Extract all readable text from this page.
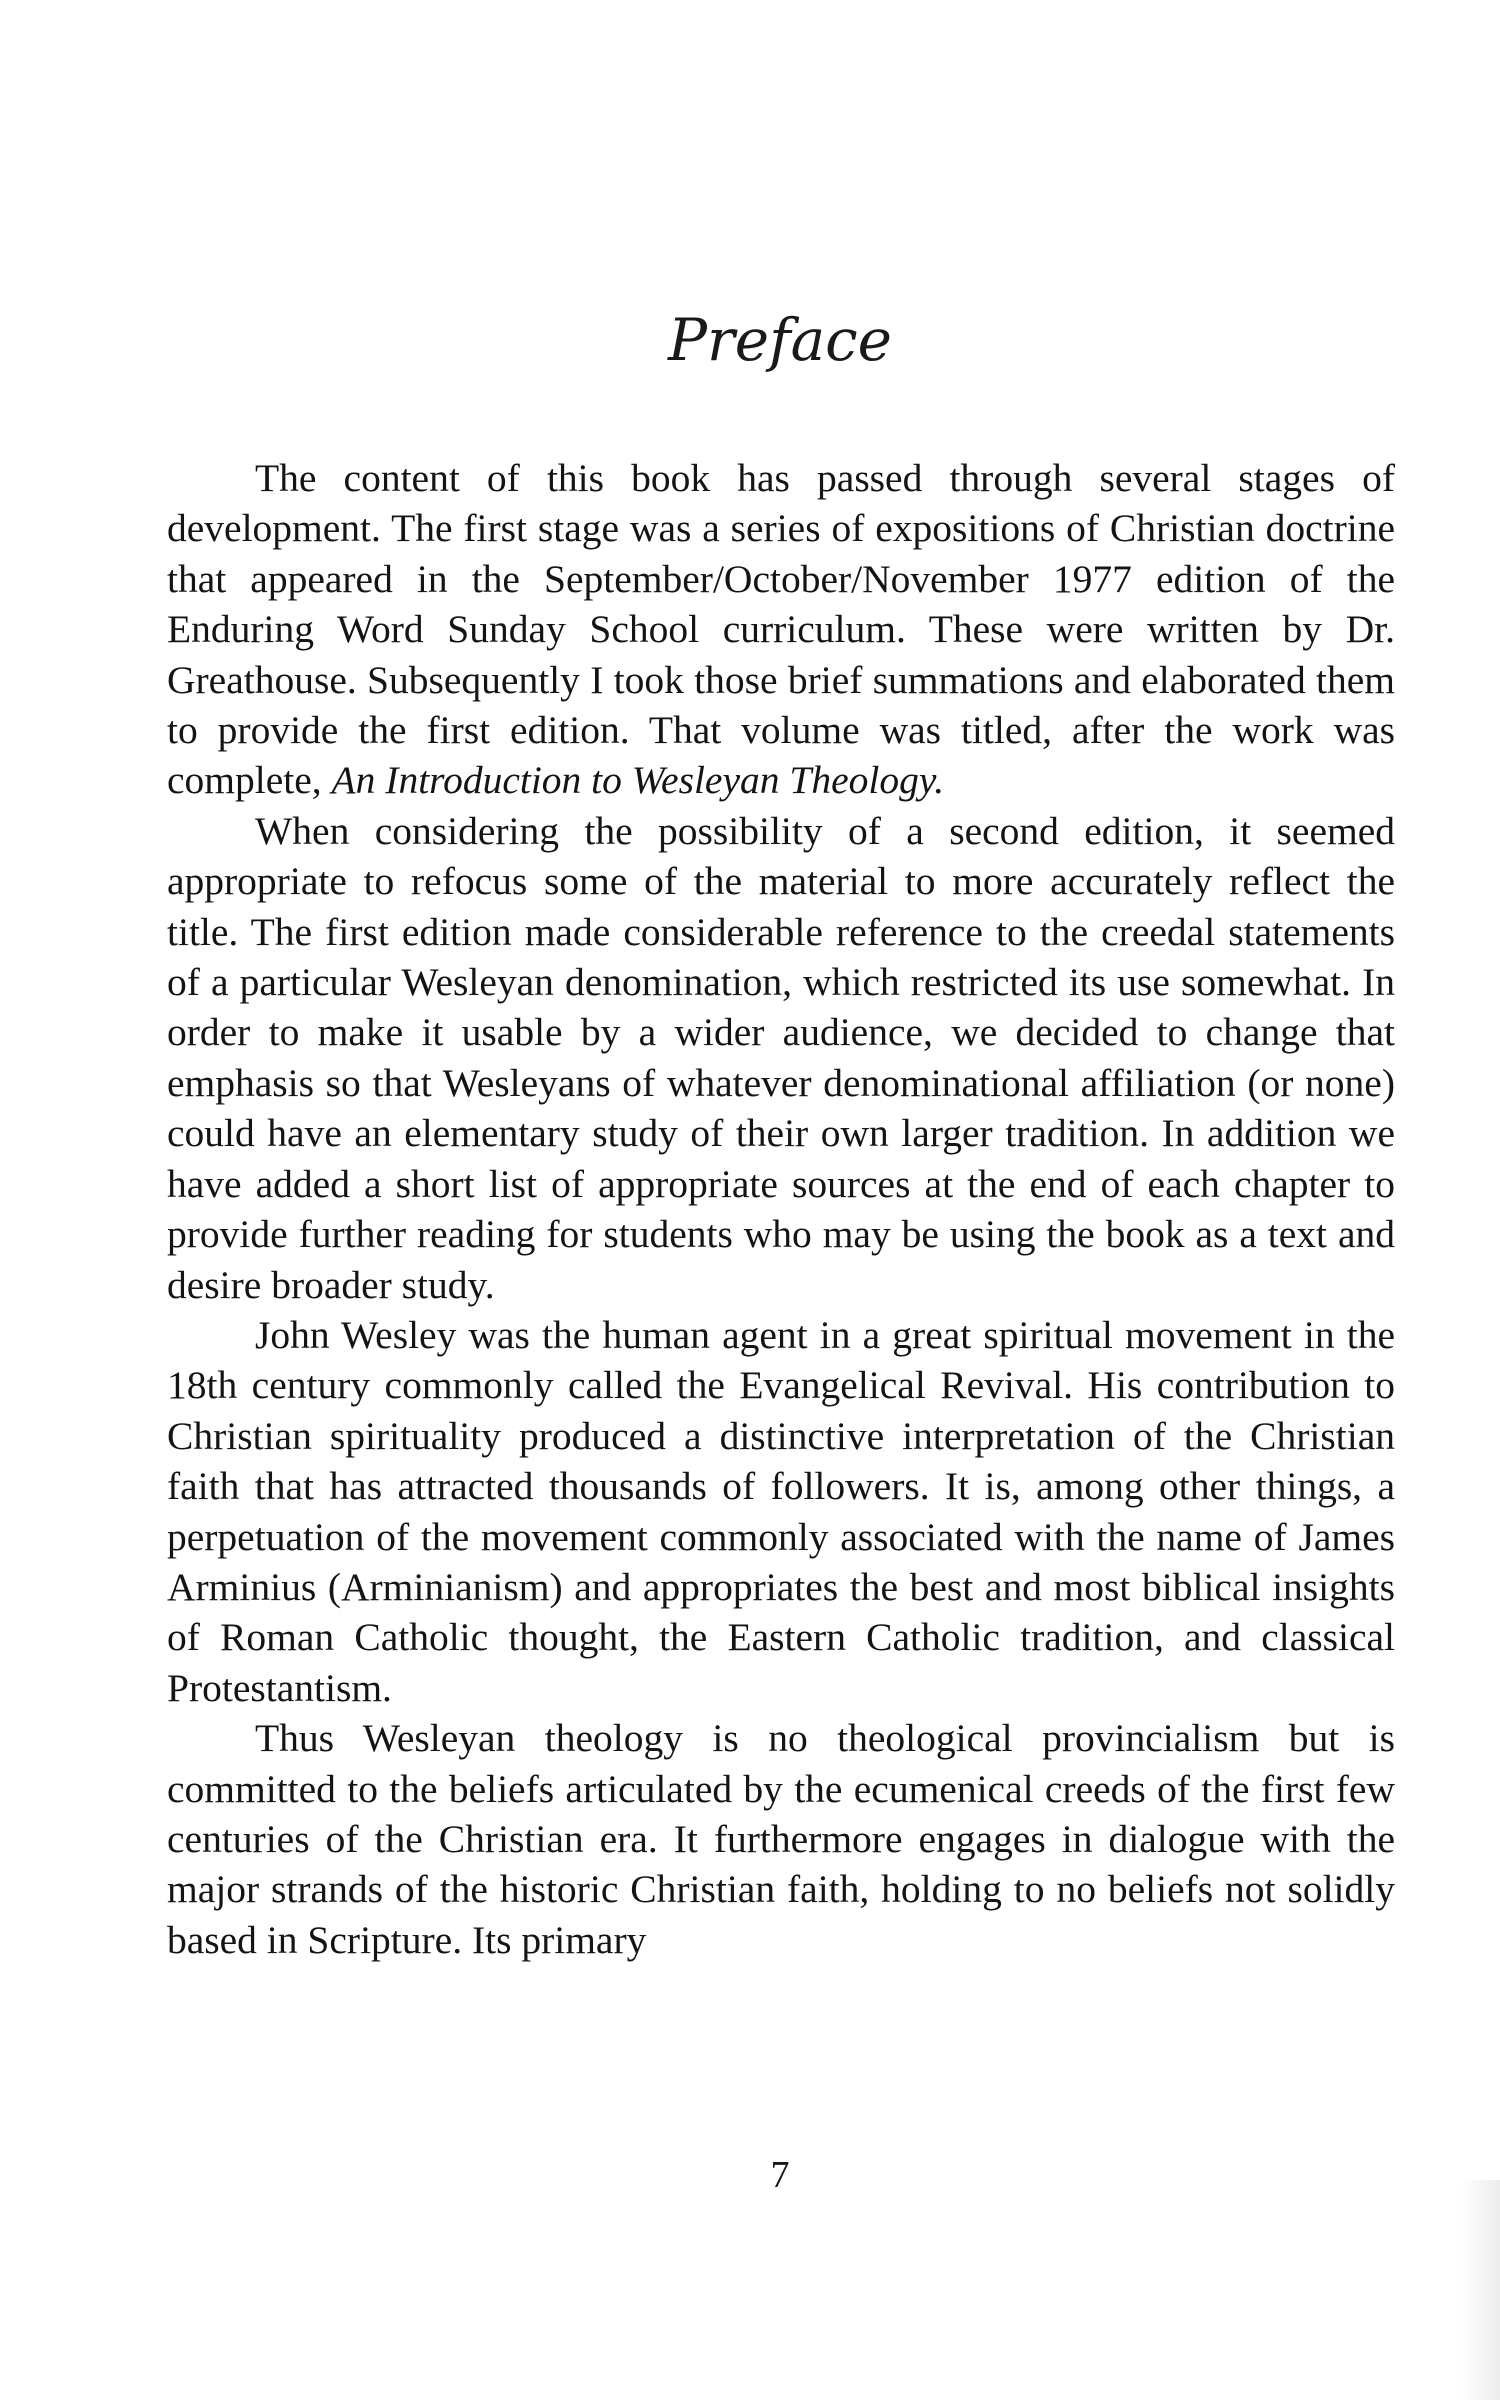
Preface

The content of this book has passed through several stages of development. The first stage was a series of expositions of Christian doctrine that appeared in the September/October/November 1977 edition of the Enduring Word Sunday School curriculum. These were written by Dr. Greathouse. Subsequently I took those brief summations and elaborated them to provide the first edition. That volume was titled, after the work was complete, An Introduction to Wesleyan Theology.

When considering the possibility of a second edition, it seemed appropriate to refocus some of the material to more accurately reflect the title. The first edition made considerable reference to the creedal statements of a particular Wesleyan denomination, which restricted its use somewhat. In order to make it usable by a wider audience, we decided to change that emphasis so that Wesleyans of whatever denominational affiliation (or none) could have an elementary study of their own larger tradition. In addition we have added a short list of appropriate sources at the end of each chapter to provide further reading for students who may be using the book as a text and desire broader study.

John Wesley was the human agent in a great spiritual movement in the 18th century commonly called the Evangelical Revival. His contribution to Christian spirituality produced a distinctive interpretation of the Christian faith that has attracted thousands of followers. It is, among other things, a perpetuation of the movement commonly associated with the name of James Arminius (Arminianism) and appropriates the best and most biblical insights of Roman Catholic thought, the Eastern Catholic tradition, and classical Protestantism.

Thus Wesleyan theology is no theological provincialism but is committed to the beliefs articulated by the ecumenical creeds of the first few centuries of the Christian era. It furthermore engages in dialogue with the major strands of the historic Christian faith, holding to no beliefs not solidly based in Scripture. Its primary

7
